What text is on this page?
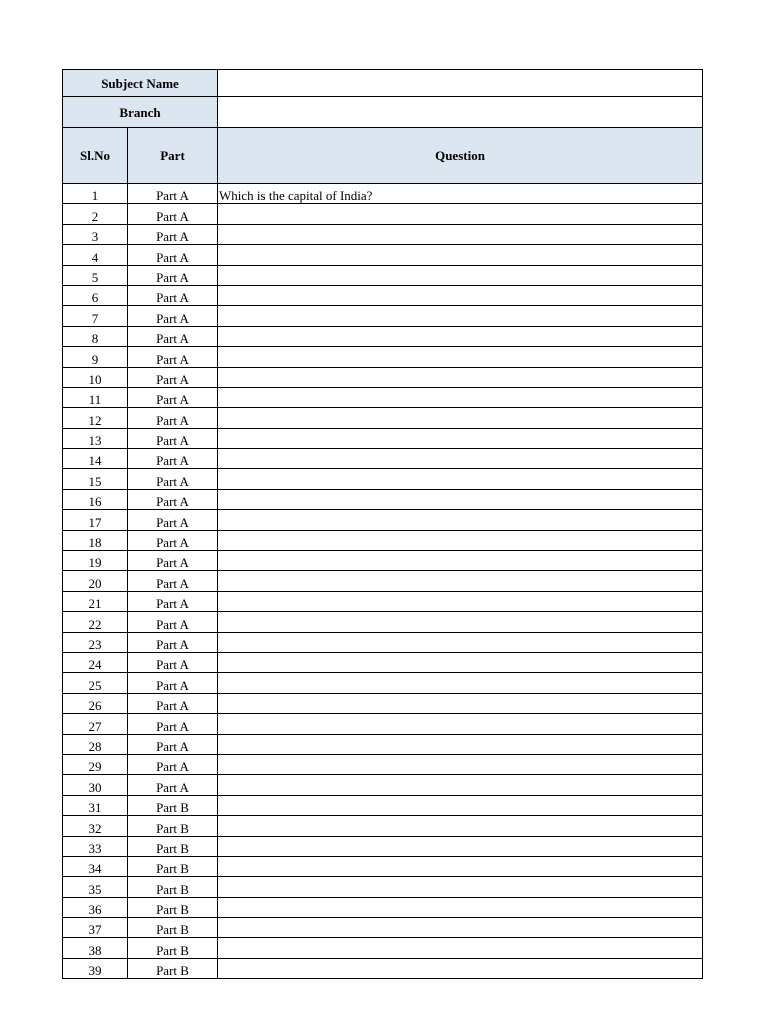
Subject Name		
Branch		
Sl.No	Part	Question
1	Part A	Which is the capital of India?
2	Part A	
3	Part A	
4	Part A	
5	Part A	
6	Part A	
7	Part A	
8	Part A	
9	Part A	
10	Part A	
11	Part A	
12	Part A	
13	Part A	
14	Part A	
15	Part A	
16	Part A	
17	Part A	
18	Part A	
19	Part A	
20	Part A	
21	Part A	
22	Part A	
23	Part A	
24	Part A	
25	Part A	
26	Part A	
27	Part A	
28	Part A	
29	Part A	
30	Part A	
31	Part B	
32	Part B	
33	Part B	
34	Part B	
35	Part B	
36	Part B	
37	Part B	
38	Part B	
39	Part B	
